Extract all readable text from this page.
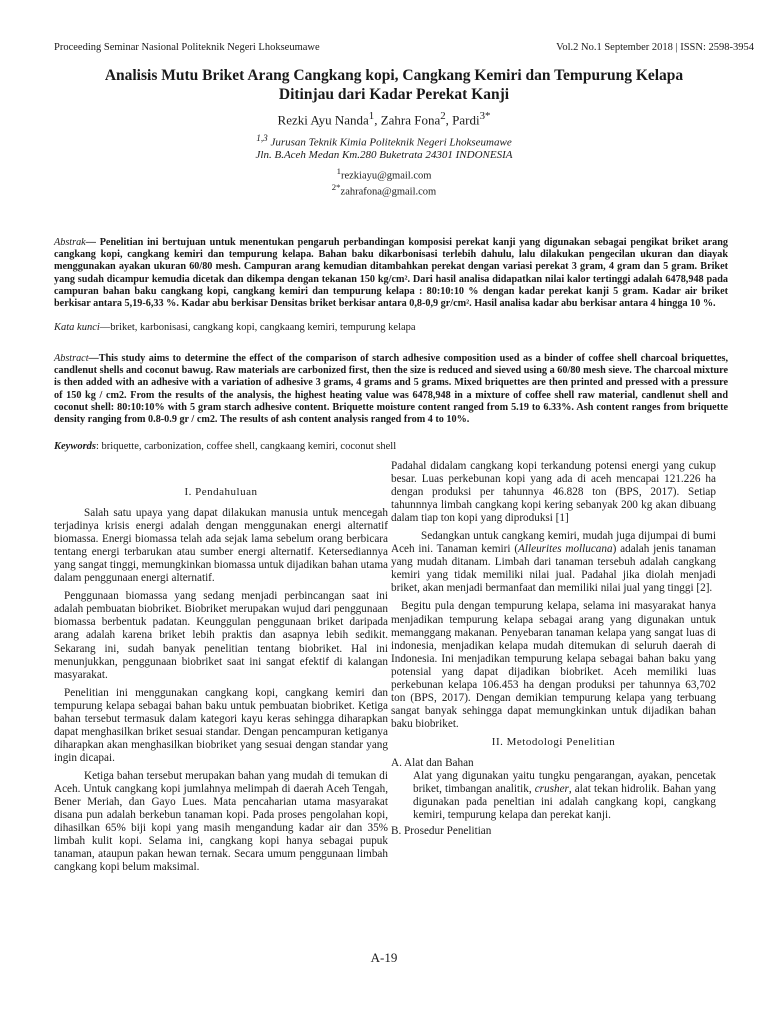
Proceeding Seminar Nasional Politeknik Negeri Lhokseumawe	Vol.2 No.1 September 2018 | ISSN: 2598-3954
Analisis Mutu Briket Arang Cangkang kopi, Cangkang Kemiri dan Tempurung Kelapa
Ditinjau dari Kadar Perekat Kanji
Rezki Ayu Nanda$^1$, Zahra Fona$^2$, Pardi$^{3*}$
$^{1,3}$ Jurusan Teknik Kimia Politeknik Negeri Lhokseumawe
Jln. B.Aceh Medan Km.280 Buketrata 24301 INDONESIA
$^1$rezkiayu@gmail.com
$^{2*}$zahrafona@gmail.com
Abstrak— Penelitian ini bertujuan untuk menentukan pengaruh perbandingan komposisi perekat kanji yang digunakan sebagai pengikat briket arang cangkang kopi, cangkang kemiri dan tempurung kelapa. Bahan baku dikarbonisasi terlebih dahulu, lalu dilakukan pengecilan ukuran dan diayak menggunakan ayakan ukuran 60/80 mesh. Campuran arang kemudian ditambahkan perekat dengan variasi perekat 3 gram, 4 gram dan 5 gram. Briket yang sudah dicampur kemudia dicetak dan dikempa dengan tekanan 150 kg/cm². Dari hasil analisa didapatkan nilai kalor tertinggi adalah 6478,948 pada campuran bahan baku cangkang kopi, cangkang kemiri dan tempurung kelapa : 80:10:10 % dengan kadar perekat kanji 5 gram. Kadar air briket berkisar antara 5,19-6,33 %. Kadar abu berkisar Densitas briket berkisar antara 0,8-0,9 gr/cm². Hasil analisa kadar abu berkisar antara 4 hingga 10 %.
Kata kunci—briket, karbonisasi, cangkang kopi, cangkaang kemiri, tempurung kelapa
Abstract—This study aims to determine the effect of the comparison of starch adhesive composition used as a binder of coffee shell charcoal briquettes, candlenut shells and coconut bawug. Raw materials are carbonized first, then the size is reduced and sieved using a 60/80 mesh sieve. The charcoal mixture is then added with an adhesive with a variation of adhesive 3 grams, 4 grams and 5 grams. Mixed briquettes are then printed and pressed with a pressure of 150 kg / cm2. From the results of the analysis, the highest heating value was 6478,948 in a mixture of coffee shell raw material, candlenut shell and coconut shell: 80:10:10% with 5 gram starch adhesive content. Briquette moisture content ranged from 5.19 to 6.33%. Ash content ranges from briquette density ranging from 0.8-0.9 gr / cm2. The results of ash content analysis ranged from 4 to 10%.
Keywords: briquette, carbonization, coffee shell, cangkaang kemiri, coconut shell
I. Pendahuluan

Salah satu upaya yang dapat dilakukan manusia untuk mencegah terjadinya krisis energi adalah dengan menggunakan energi alternatif biomassa. Energi biomassa telah ada sejak lama sebelum orang berbicara tentang energi terbarukan atau sumber energi alternatif. Ketersediannya yang sangat tinggi, memungkinkan biomassa untuk dijadikan bahan utama dalam penggunaan energi alternatif.

Penggunaan biomassa yang sedang menjadi perbincangan saat ini adalah pembuatan biobriket. Biobriket merupakan wujud dari penggunaan biomassa berbentuk padatan. Keunggulan penggunaan briket daripada arang adalah karena briket lebih praktis dan asapnya lebih sedikit. Sekarang ini, sudah banyak penelitian tentang biobriket. Hal ini menunjukkan, penggunaan biobriket saat ini sangat efektif di kalangan masyarakat.

Penelitian ini menggunakan cangkang kopi, cangkang kemiri dan tempurung kelapa sebagai bahan baku untuk pembuatan biobriket. Ketiga bahan tersebut termasuk dalam kategori kayu keras sehingga diharapkan dapat menghasilkan briket sesuai standar. Dengan pencampuran ketiganya diharapkan akan menghasilkan biobriket yang sesuai dengan standar yang ingin dicapai.

Ketiga bahan tersebut merupakan bahan yang mudah di temukan di Aceh. Untuk cangkang kopi jumlahnya melimpah di daerah Aceh Tengah, Bener Meriah, dan Gayo Lues. Mata pencaharian utama masyarakat disana pun adalah berkebun tanaman kopi. Pada proses pengolahan kopi, dihasilkan 65% biji kopi yang masih mengandung kadar air dan 35% limbah kulit kopi. Selama ini, cangkang kopi hanya sebagai pupuk tanaman, ataupun pakan hewan ternak. Secara umum penggunaan limbah cangkang kopi belum maksimal.

Padahal didalam cangkang kopi terkandung potensi energi yang cukup besar. Luas perkebunan kopi yang ada di aceh mencapai 121.226 ha dengan produksi per tahunnya 46.828 ton (BPS, 2017). Setiap tahunnnya limbah cangkang kopi kering sebanyak 200 kg akan dibuang dalam tiap ton kopi yang diproduksi [1]

Sedangkan untuk cangkang kemiri, mudah juga dijumpai di bumi Aceh ini. Tanaman kemiri (Alleurites mollucana) adalah jenis tanaman yang mudah ditanam. Limbah dari tanaman tersebuh adalah cangkang kemiri yang tidak memiliki nilai jual. Padahal jika diolah menjadi briket, akan menjadi bermanfaat dan memiliki nilai jual yang tinggi [2].

Begitu pula dengan tempurung kelapa, selama ini masyarakat hanya menjadikan tempurung kelapa sebagai arang yang digunakan untuk memanggang makanan. Penyebaran tanaman kelapa yang sangat luas di indonesia, menjadikan kelapa mudah ditemukan di seluruh daerah di Indonesia. Ini menjadikan tempurung kelapa sebagai bahan baku yang potensial yang dapat dijadikan biobriket. Aceh memiliki luas perkebunan kelapa 106.453 ha dengan produksi per tahunnya 63,702 ton (BPS, 2017). Dengan demikian tempurung kelapa yang terbuang sangat banyak sehingga dapat memungkinkan untuk dijadikan bahan baku biobriket.

II. Metodologi Penelitian
A. Alat dan Bahan
Alat yang digunakan yaitu tungku pengarangan, ayakan, pencetak briket, timbangan analitik, crusher, alat tekan hidrolik. Bahan yang digunakan pada peneltian ini adalah cangkang kopi, cangkang kemiri, tempurung kelapa dan perekat kanji.
B. Prosedur Penelitian
A-19
